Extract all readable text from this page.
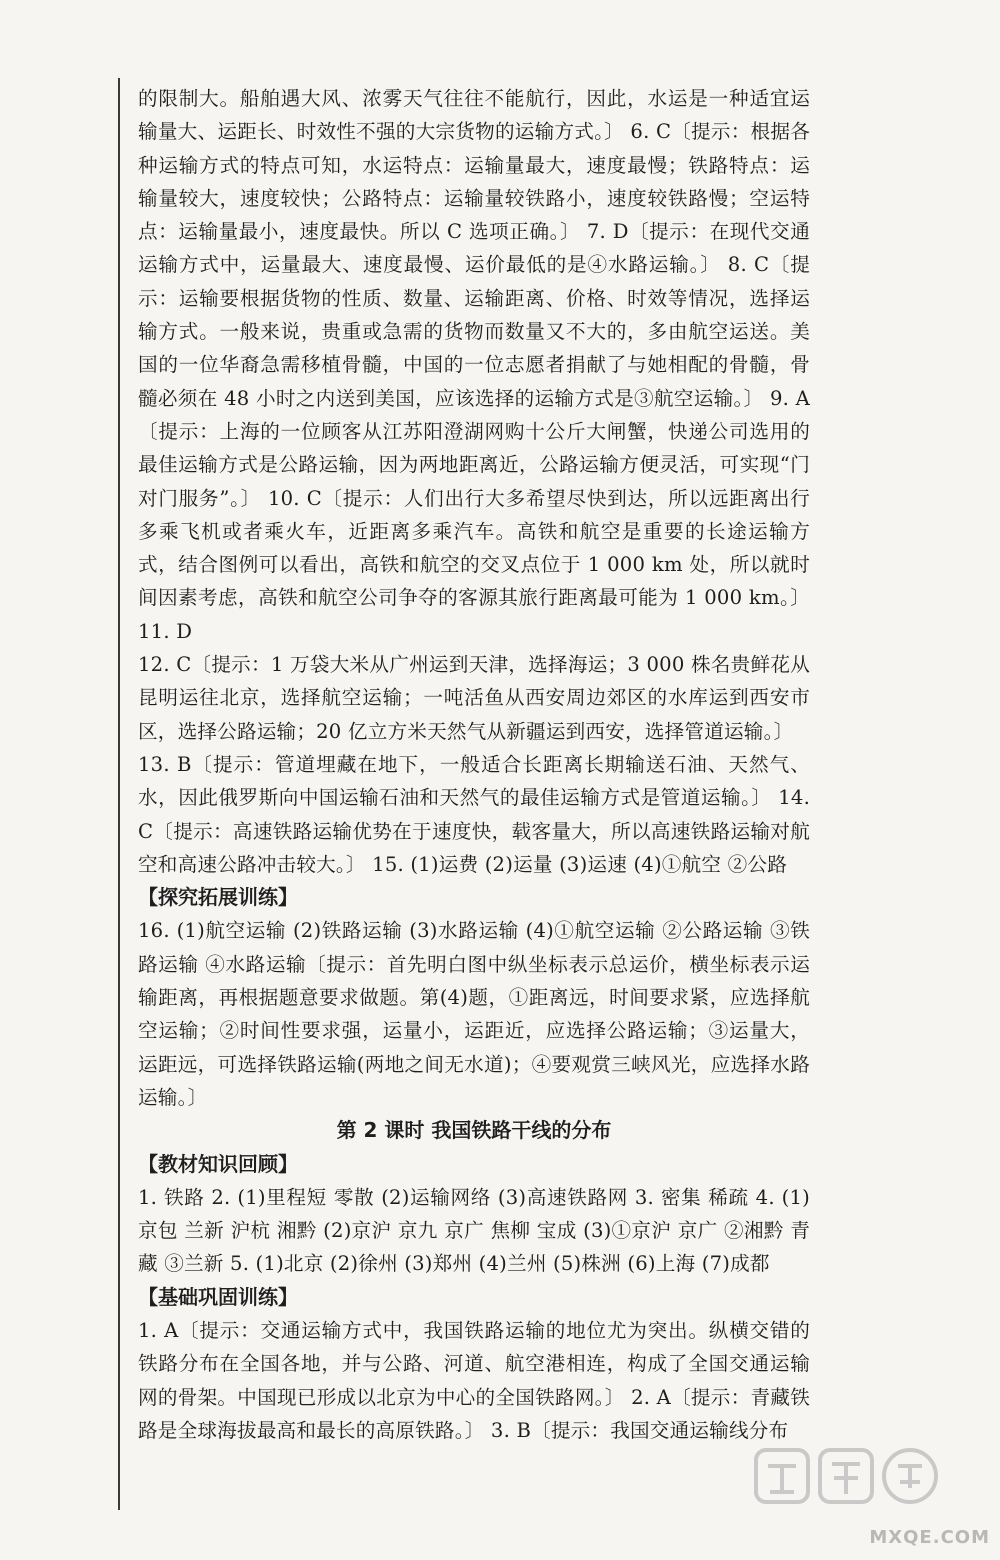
的限制大。船舶遇大风、浓雾天气往往不能航行，因此，水运是一种适宜运输量大、运距长、时效性不强的大宗货物的运输方式。〕 6. C〔提示：根据各种运输方式的特点可知，水运特点：运输量最大，速度最慢；铁路特点：运输量较大，速度较快；公路特点：运输量较铁路小，速度较铁路慢；空运特点：运输量最小，速度最快。所以 C 选项正确。〕 7. D〔提示：在现代交通运输方式中，运量最大、速度最慢、运价最低的是④水路运输。〕 8. C〔提示：运输要根据货物的性质、数量、运输距离、价格、时效等情况，选择运输方式。一般来说，贵重或急需的货物而数量又不大的，多由航空运送。美国的一位华裔急需移植骨髓，中国的一位志愿者捐献了与她相配的骨髓，骨髓必须在 48 小时之内送到美国，应该选择的运输方式是③航空运输。〕 9. A〔提示：上海的一位顾客从江苏阳澄湖网购十公斤大闸蟹，快递公司选用的最佳运输方式是公路运输，因为两地距离近，公路运输方便灵活，可实现“门对门服务”。〕 10. C〔提示：人们出行大多希望尽快到达，所以远距离出行多乘飞机或者乘火车，近距离多乘汽车。高铁和航空是重要的长途运输方式，结合图例可以看出，高铁和航空的交叉点位于 1 000 km 处，所以就时间因素考虑，高铁和航空公司争夺的客源其旅行距离最可能为 1 000 km。〕 11. D

12. C〔提示：1 万袋大米从广州运到天津，选择海运；3 000 株名贵鲜花从昆明运往北京，选择航空运输；一吨活鱼从西安周边郊区的水库运到西安市区，选择公路运输；20 亿立方米天然气从新疆运到西安，选择管道运输。〕

13. B〔提示：管道埋藏在地下，一般适合长距离长期输送石油、天然气、水，因此俄罗斯向中国运输石油和天然气的最佳运输方式是管道运输。〕 14. C〔提示：高速铁路运输优势在于速度快，载客量大，所以高速铁路运输对航空和高速公路冲击较大。〕 15. (1)运费 (2)运量 (3)运速 (4)①航空 ②公路

【探究拓展训练】

16. (1)航空运输 (2)铁路运输 (3)水路运输 (4)①航空运输 ②公路运输 ③铁路运输 ④水路运输〔提示：首先明白图中纵坐标表示总运价，横坐标表示运输距离，再根据题意要求做题。第(4)题，①距离远，时间要求紧，应选择航空运输；②时间性要求强，运量小，运距近，应选择公路运输；③运量大，运距远，可选择铁路运输(两地之间无水道)；④要观赏三峡风光，应选择水路运输。〕

第 2 课时 我国铁路干线的分布

【教材知识回顾】

1. 铁路 2. (1)里程短 零散 (2)运输网络 (3)高速铁路网 3. 密集 稀疏 4. (1)京包 兰新 沪杭 湘黔 (2)京沪 京九 京广 焦柳 宝成 (3)①京沪 京广 ②湘黔 青藏 ③兰新 5. (1)北京 (2)徐州 (3)郑州 (4)兰州 (5)株洲 (6)上海 (7)成都

【基础巩固训练】

1. A〔提示：交通运输方式中，我国铁路运输的地位尤为突出。纵横交错的铁路分布在全国各地，并与公路、河道、航空港相连，构成了全国交通运输网的骨架。中国现已形成以北京为中心的全国铁路网。〕 2. A〔提示：青藏铁路是全球海拔最高和最长的高原铁路。〕 3. B〔提示：我国交通运输线分布

MXQE.COM
